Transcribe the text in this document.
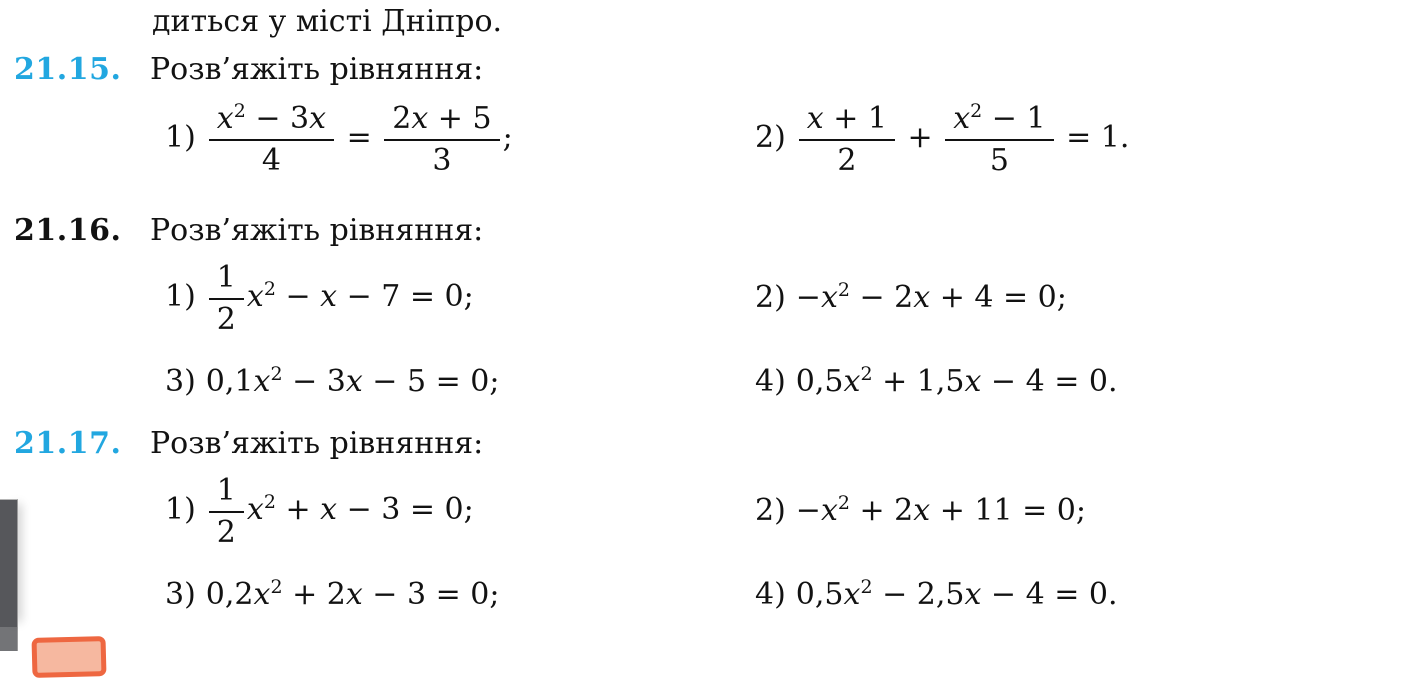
диться у місті Дніпро.
21.15. Розв’яжіть рівняння:
$1) \frac{x^2 - 3x}{4} = \frac{2x + 5}{3}$ ;	$2) \frac{x + 1}{2} + \frac{x^2 - 1}{5} = 1$.
21.16. Розв’яжіть рівняння:
$1) \frac{1}{2} x^2 - x - 7 = 0$;	$2) -x^2 - 2x + 4 = 0$;
3) $0,1x^2 - 3x - 5 = 0$;	4) $0,5x^2 + 1,5x - 4 = 0$.
21.17. Розв’яжіть рівняння:
$1) \frac{1}{2} x^2 + x - 3 = 0$;	$2) -x^2 + 2x + 11 = 0$;
3) $0,2x^2 + 2x - 3 = 0$;	4) $0,5x^2 - 2,5x - 4 = 0$.
